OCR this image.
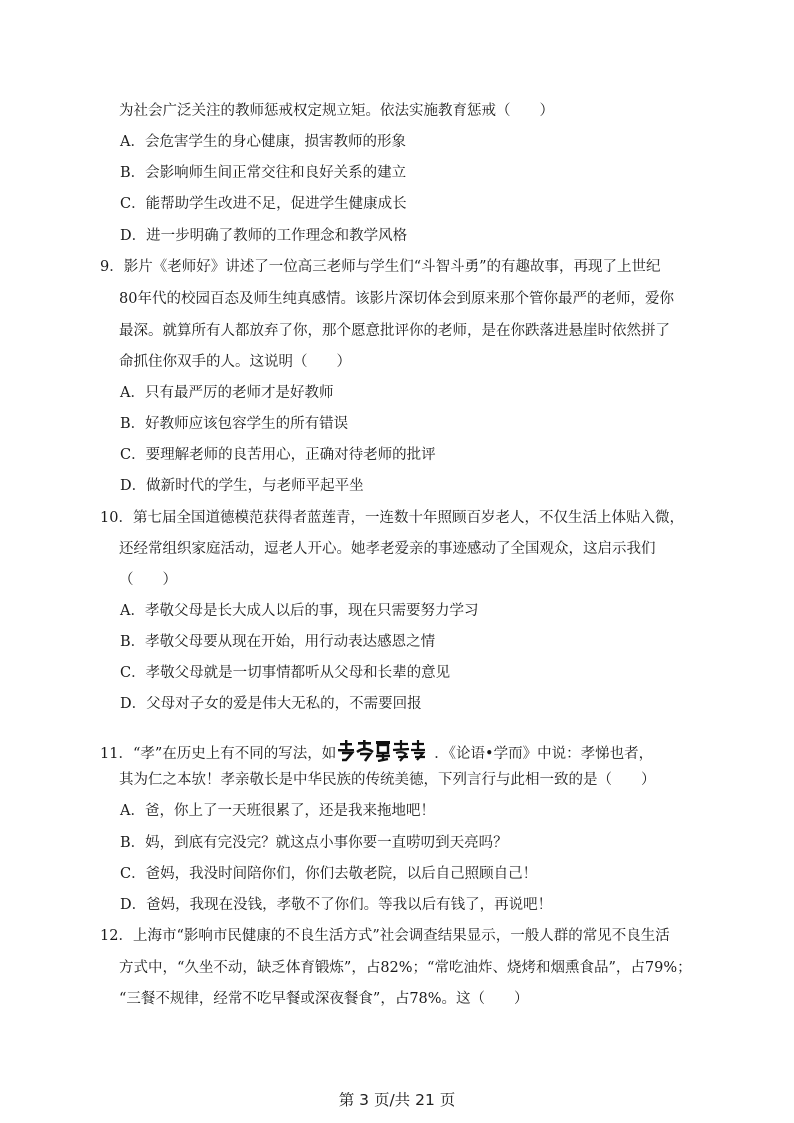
为社会广泛关注的教师惩戒权定规立矩。依法实施教育惩戒（　　）
A．会危害学生的身心健康，损害教师的形象
B．会影响师生间正常交往和良好关系的建立
C．能帮助学生改进不足，促进学生健康成长
D．进一步明确了教师的工作理念和教学风格
9．影片《老师好》讲述了一位高三老师与学生们“斗智斗勇”的有趣故事，再现了上世纪
80年代的校园百态及师生纯真感情。该影片深切体会到原来那个管你最严的老师，爱你
最深。就算所有人都放弃了你，那个愿意批评你的老师，是在你跌落进悬崖时依然拼了
命抓住你双手的人。这说明（　　）
A．只有最严厉的老师才是好教师
B．好教师应该包容学生的所有错误
C．要理解老师的良苦用心，正确对待老师的批评
D．做新时代的学生，与老师平起平坐
10．第七届全国道德模范获得者蓝莲青，一连数十年照顾百岁老人，不仅生活上体贴入微，
还经常组织家庭活动，逗老人开心。她孝老爱亲的事迹感动了全国观众，这启示我们
（　　）
A．孝敬父母是长大成人以后的事，现在只需要努力学习
B．孝敬父母要从现在开始，用行动表达感恩之情
C．孝敬父母就是一切事情都听从父母和长辈的意见
D．父母对子女的爱是伟大无私的，不需要回报
11．“孝”在历史上有不同的写法，如	．《论语•学而》中说：孝悌也者，
其为仁之本欤！孝亲敬长是中华民族的传统美德，下列言行与此相一致的是（　　）
A．爸，你上了一天班很累了，还是我来拖地吧！
B．妈，到底有完没完？就这点小事你要一直唠叨到天亮吗？
C．爸妈，我没时间陪你们，你们去敬老院，以后自己照顾自己！
D．爸妈，我现在没钱，孝敬不了你们。等我以后有钱了，再说吧！
12．上海市“影响市民健康的不良生活方式”社会调查结果显示，一般人群的常见不良生活
方式中，“久坐不动，缺乏体育锻炼”，占82%；“常吃油炸、烧烤和烟熏食品”，占79%；
“三餐不规律，经常不吃早餐或深夜餐食”，占78%。这（　　）
第 3 页/共 21 页
